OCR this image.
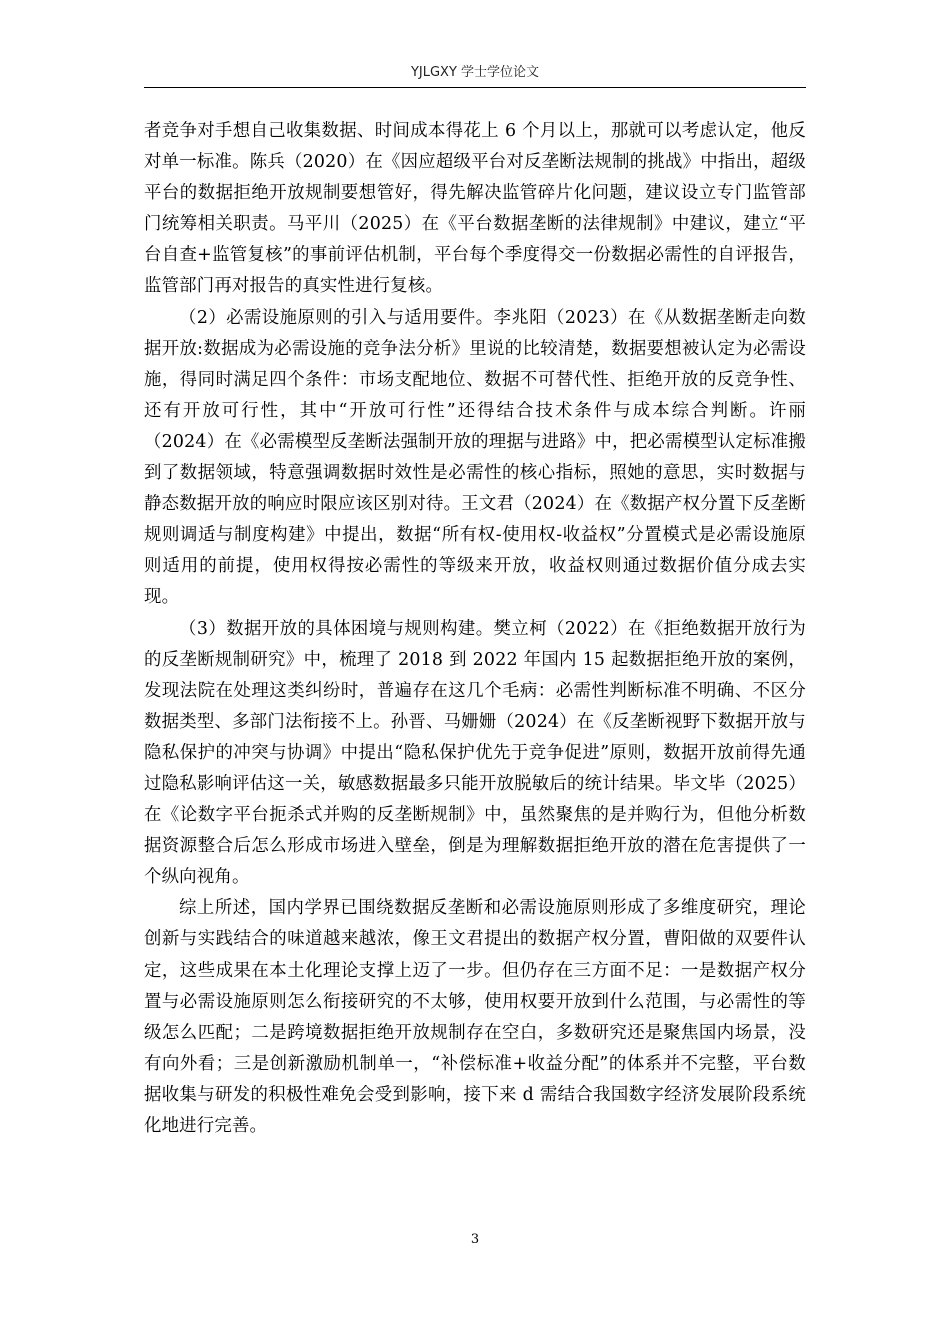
YJLGXY 学士学位论文

者竞争对手想自己收集数据、时间成本得花上 6 个月以上，那就可以考虑认定，他反对单一标准。陈兵（2020）在《因应超级平台对反垄断法规制的挑战》中指出，超级平台的数据拒绝开放规制要想管好，得先解决监管碎片化问题，建议设立专门监管部门统筹相关职责。马平川（2025）在《平台数据垄断的法律规制》中建议，建立“平台自查+监管复核”的事前评估机制，平台每个季度得交一份数据必需性的自评报告，监管部门再对报告的真实性进行复核。

（2）必需设施原则的引入与适用要件。李兆阳（2023）在《从数据垄断走向数据开放:数据成为必需设施的竞争法分析》里说的比较清楚，数据要想被认定为必需设施，得同时满足四个条件：市场支配地位、数据不可替代性、拒绝开放的反竞争性、还有开放可行性，其中“开放可行性”还得结合技术条件与成本综合判断。许丽（2024）在《必需模型反垄断法强制开放的理据与进路》中，把必需模型认定标准搬到了数据领域，特意强调数据时效性是必需性的核心指标，照她的意思，实时数据与静态数据开放的响应时限应该区别对待。王文君（2024）在《数据产权分置下反垄断规则调适与制度构建》中提出，数据“所有权-使用权-收益权”分置模式是必需设施原则适用的前提，使用权得按必需性的等级来开放，收益权则通过数据价值分成去实现。

（3）数据开放的具体困境与规则构建。樊立柯（2022）在《拒绝数据开放行为的反垄断规制研究》中，梳理了 2018 到 2022 年国内 15 起数据拒绝开放的案例，发现法院在处理这类纠纷时，普遍存在这几个毛病：必需性判断标准不明确、不区分数据类型、多部门法衔接不上。孙晋、马姗姗（2024）在《反垄断视野下数据开放与隐私保护的冲突与协调》中提出“隐私保护优先于竞争促进”原则，数据开放前得先通过隐私影响评估这一关，敏感数据最多只能开放脱敏后的统计结果。毕文毕（2025）在《论数字平台扼杀式并购的反垄断规制》中，虽然聚焦的是并购行为，但他分析数据资源整合后怎么形成市场进入壁垒，倒是为理解数据拒绝开放的潜在危害提供了一个纵向视角。

综上所述，国内学界已围绕数据反垄断和必需设施原则形成了多维度研究，理论创新与实践结合的味道越来越浓，像王文君提出的数据产权分置，曹阳做的双要件认定，这些成果在本土化理论支撑上迈了一步。但仍存在三方面不足：一是数据产权分置与必需设施原则怎么衔接研究的不太够，使用权要开放到什么范围，与必需性的等级怎么匹配；二是跨境数据拒绝开放规制存在空白，多数研究还是聚焦国内场景，没有向外看；三是创新激励机制单一，“补偿标准+收益分配”的体系并不完整，平台数据收集与研发的积极性难免会受到影响，接下来 d 需结合我国数字经济发展阶段系统化地进行完善。

3
